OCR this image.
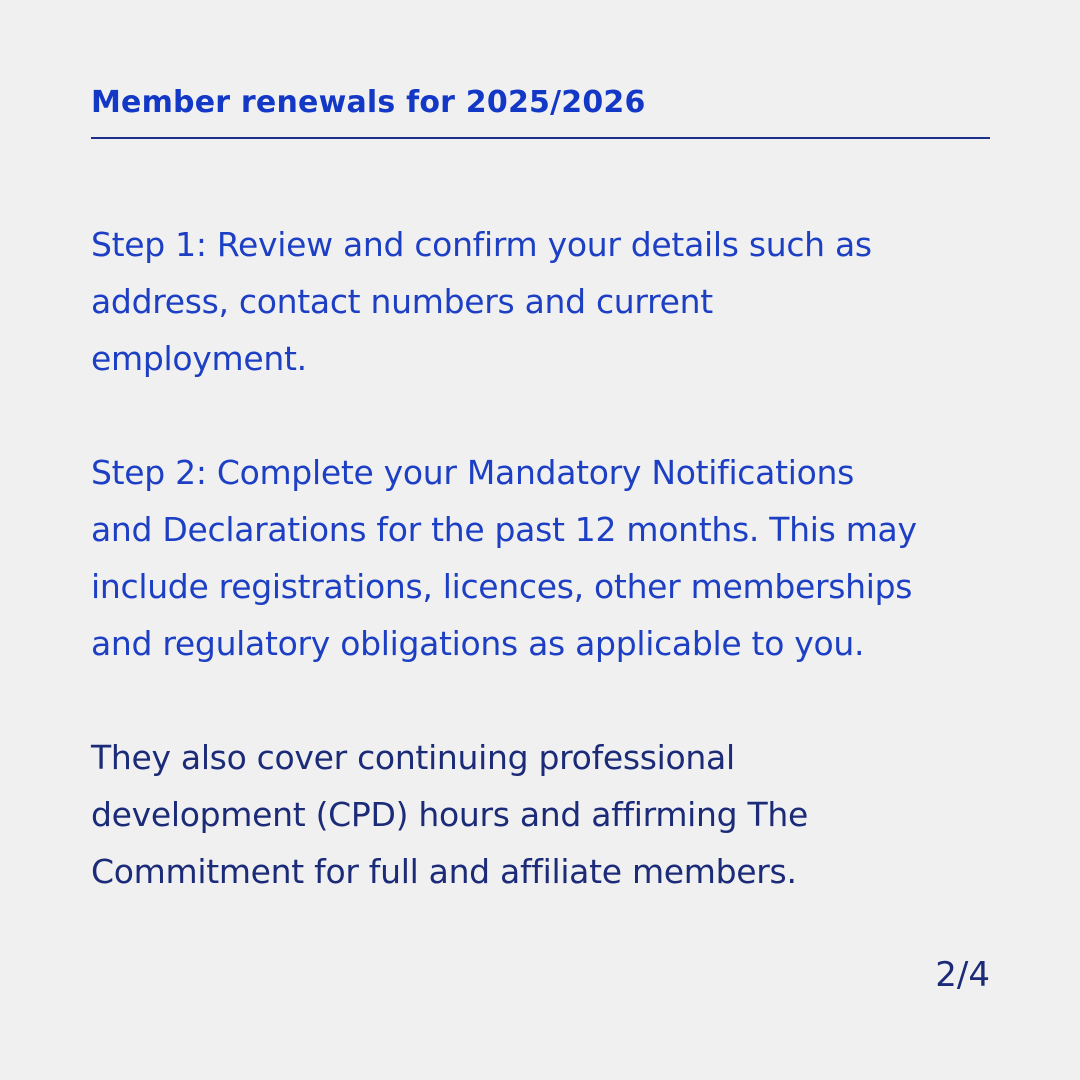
Member renewals for 2025/2026

Step 1: Review and confirm your details such as
address, contact numbers and current
employment.

Step 2: Complete your Mandatory Notifications
and Declarations for the past 12 months. This may
include registrations, licences, other memberships
and regulatory obligations as applicable to you.

They also cover continuing professional
development (CPD) hours and affirming The
Commitment for full and affiliate members.

2/4
